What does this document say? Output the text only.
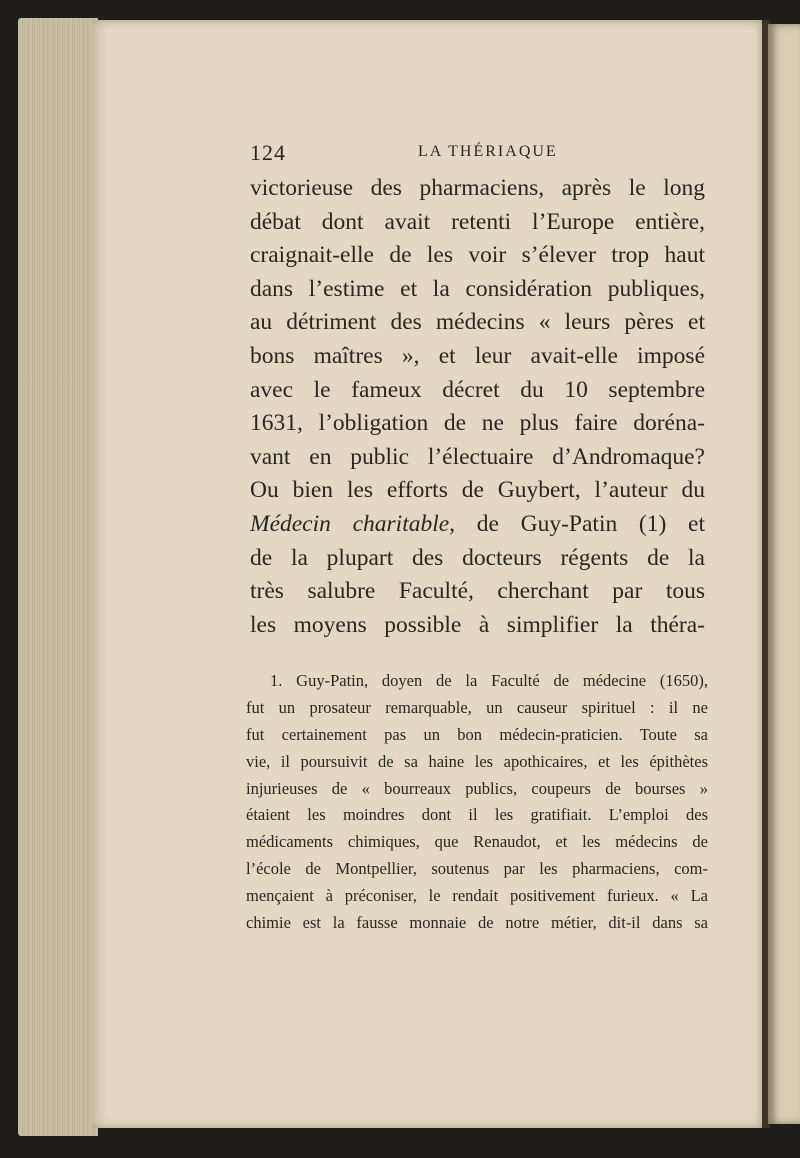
124	LA THÉRIAQUE
victorieuse des pharmaciens, après le long
débat dont avait retenti l’Europe entière,
craignait-elle de les voir s’élever trop haut
dans l’estime et la considération publiques,
au détriment des médecins « leurs pères et
bons maîtres », et leur avait-elle imposé
avec le fameux décret du 10 septembre
1631, l’obligation de ne plus faire doréna-
vant en public l’électuaire d’Andromaque?
Ou bien les efforts de Guybert, l’auteur du
Médecin charitable, de Guy-Patin (1) et
de la plupart des docteurs régents de la
très salubre Faculté, cherchant par tous
les moyens possible à simplifier la théra-
1. Guy-Patin, doyen de la Faculté de médecine (1650),
fut un prosateur remarquable, un causeur spirituel : il ne
fut certainement pas un bon médecin-praticien. Toute sa
vie, il poursuivit de sa haine les apothicaires, et les épithètes
injurieuses de « bourreaux publics, coupeurs de bourses »
étaient les moindres dont il les gratifiait. L’emploi des
médicaments chimiques, que Renaudot, et les médecins de
l’école de Montpellier, soutenus par les pharmaciens, com-
mençaient à préconiser, le rendait positivement furieux. « La
chimie est la fausse monnaie de notre métier, dit-il dans sa
